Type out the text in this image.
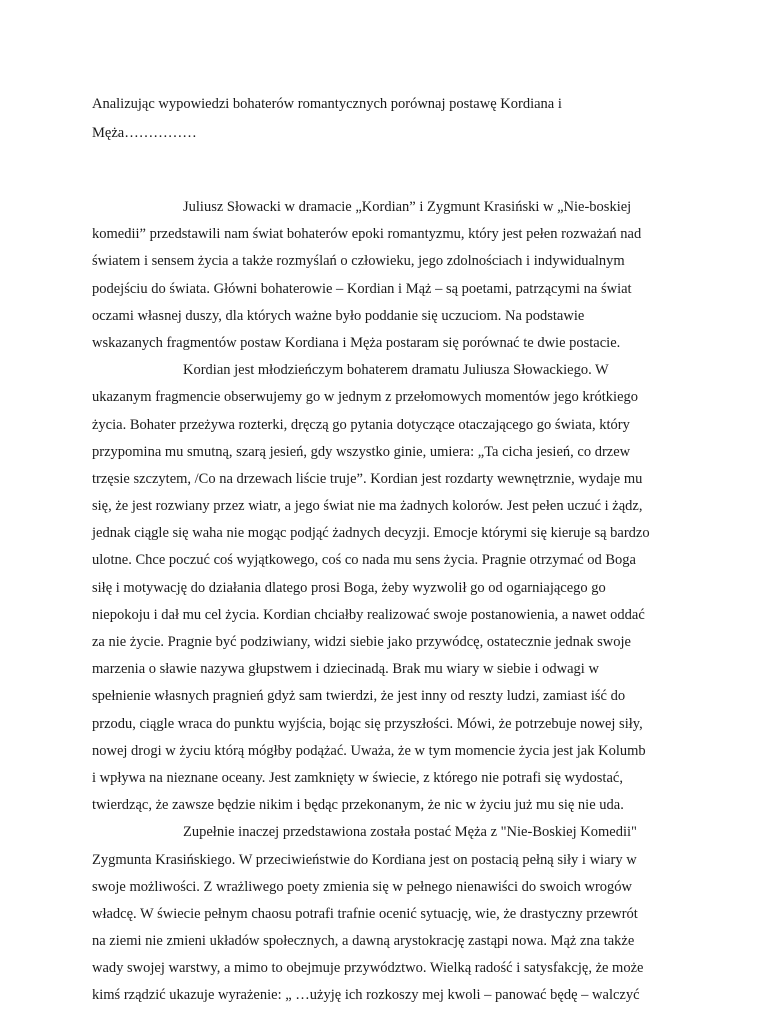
Analizując wypowiedzi bohaterów romantycznych porównaj postawę Kordiana i
Męża……………
Juliusz Słowacki w dramacie „Kordian” i Zygmunt Krasiński w „Nie-boskiej
komedii” przedstawili nam świat bohaterów epoki romantyzmu, który jest pełen rozważań nad
światem i sensem życia a także rozmyślań o człowieku, jego zdolnościach i indywidualnym
podejściu do świata. Główni bohaterowie – Kordian i Mąż – są poetami, patrzącymi na świat
oczami własnej duszy, dla których ważne było poddanie się uczuciom. Na podstawie
wskazanych fragmentów postaw Kordiana i Męża postaram się porównać te dwie postacie.
Kordian jest młodzieńczym bohaterem dramatu Juliusza Słowackiego. W
ukazanym fragmencie obserwujemy go w jednym z przełomowych momentów jego krótkiego
życia. Bohater przeżywa rozterki, dręczą go pytania dotyczące otaczającego go świata, który
przypomina mu smutną, szarą jesień, gdy wszystko ginie, umiera: „Ta cicha jesień, co drzew
trzęsie szczytem, /Co na drzewach liście truje”. Kordian jest rozdarty wewnętrznie, wydaje mu
się, że jest rozwiany przez wiatr, a jego świat nie ma żadnych kolorów. Jest pełen uczuć i żądz,
jednak ciągle się waha nie mogąc podjąć żadnych decyzji. Emocje którymi się kieruje są bardzo
ulotne. Chce poczuć coś wyjątkowego, coś co nada mu sens życia. Pragnie otrzymać od Boga
siłę i motywację do działania dlatego prosi Boga, żeby wyzwolił go od ogarniającego go
niepokoju i dał mu cel życia. Kordian chciałby realizować swoje postanowienia, a nawet oddać
za nie życie. Pragnie być podziwiany, widzi siebie jako przywódcę, ostatecznie jednak swoje
marzenia o sławie nazywa głupstwem i dziecinadą. Brak mu wiary w siebie i odwagi w
spełnienie własnych pragnień gdyż sam twierdzi, że jest inny od reszty ludzi, zamiast iść do
przodu, ciągle wraca do punktu wyjścia, bojąc się przyszłości. Mówi, że potrzebuje nowej siły,
nowej drogi w życiu którą mógłby podążać. Uważa, że w tym momencie życia jest jak Kolumb
i wpływa na nieznane oceany. Jest zamknięty w świecie, z którego nie potrafi się wydostać,
twierdząc, że zawsze będzie nikim i będąc przekonanym, że nic w życiu już mu się nie uda.
Zupełnie inaczej przedstawiona została postać Męża z "Nie-Boskiej Komedii"
Zygmunta Krasińskiego. W przeciwieństwie do Kordiana jest on postacią pełną siły i wiary w
swoje możliwości. Z wrażliwego poety zmienia się w pełnego nienawiści do swoich wrogów
władcę. W świecie pełnym chaosu potrafi trafnie ocenić sytuację, wie, że drastyczny przewrót
na ziemi nie zmieni układów społecznych, a dawną arystokrację zastąpi nowa. Mąż zna także
wady swojej warstwy, a mimo to obejmuje przywództwo. Wielką radość i satysfakcję, że może
kimś rządzić ukazuje wyrażenie: „ …użyję ich rozkoszy mej kwoli – panować będę – walczyć
